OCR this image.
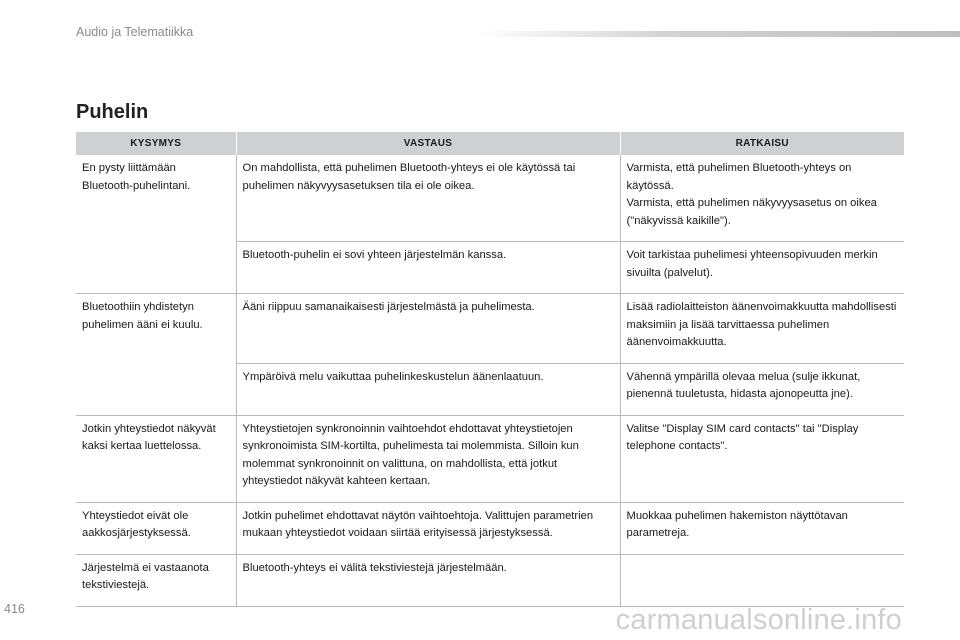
Audio ja Telematiikka
Puhelin
KYSYMYS	VASTAUS	RATKAISU
En pysty liittämään Bluetooth-puhelintani.	On mahdollista, että puhelimen Bluetooth-yhteys ei ole käytössä tai puhelimen näkyvyysasetuksen tila ei ole oikea.	Varmista, että puhelimen Bluetooth-yhteys on käytössä.
Varmista, että puhelimen näkyvyysasetus on oikea ("näkyvissä kaikille").

	Bluetooth-puhelin ei sovi yhteen järjestelmän kanssa.	Voit tarkistaa puhelimesi yhteensopivuuden merkin sivuilta (palvelut).

Bluetoothiin yhdistetyn puhelimen ääni ei kuulu.	Ääni riippuu samanaikaisesti järjestelmästä ja puhelimesta.	Lisää radiolaitteiston äänenvoimakkuutta mahdollisesti maksimiin ja lisää tarvittaessa puhelimen äänenvoimakkuutta.

	Ympäröivä melu vaikuttaa puhelinkeskustelun äänenlaatuun.	Vähennä ympärillä olevaa melua (sulje ikkunat, pienennä tuuletusta, hidasta ajonopeutta jne).

Jotkin yhteystiedot näkyvät kaksi kertaa luettelossa.	Yhteystietojen synkronoinnin vaihtoehdot ehdottavat yhteystietojen synkronoimista SIM-kortilta, puhelimesta tai molemmista. Silloin kun molemmat synkronoinnit on valittuna, on mahdollista, että jotkut yhteystiedot näkyvät kahteen kertaan.	Valitse "Display SIM card contacts" tai "Display telephone contacts".

Yhteystiedot eivät ole aakkosjärjestyksessä.	Jotkin puhelimet ehdottavat näytön vaihtoehtoja. Valittujen parametrien mukaan yhteystiedot voidaan siirtää erityisessä järjestyksessä.	Muokkaa puhelimen hakemiston näyttötavan parametreja.

Järjestelmä ei vastaanota tekstiviestejä.	Bluetooth-yhteys ei välitä tekstiviestejä järjestelmään.	
416	carmanualsonline.info
